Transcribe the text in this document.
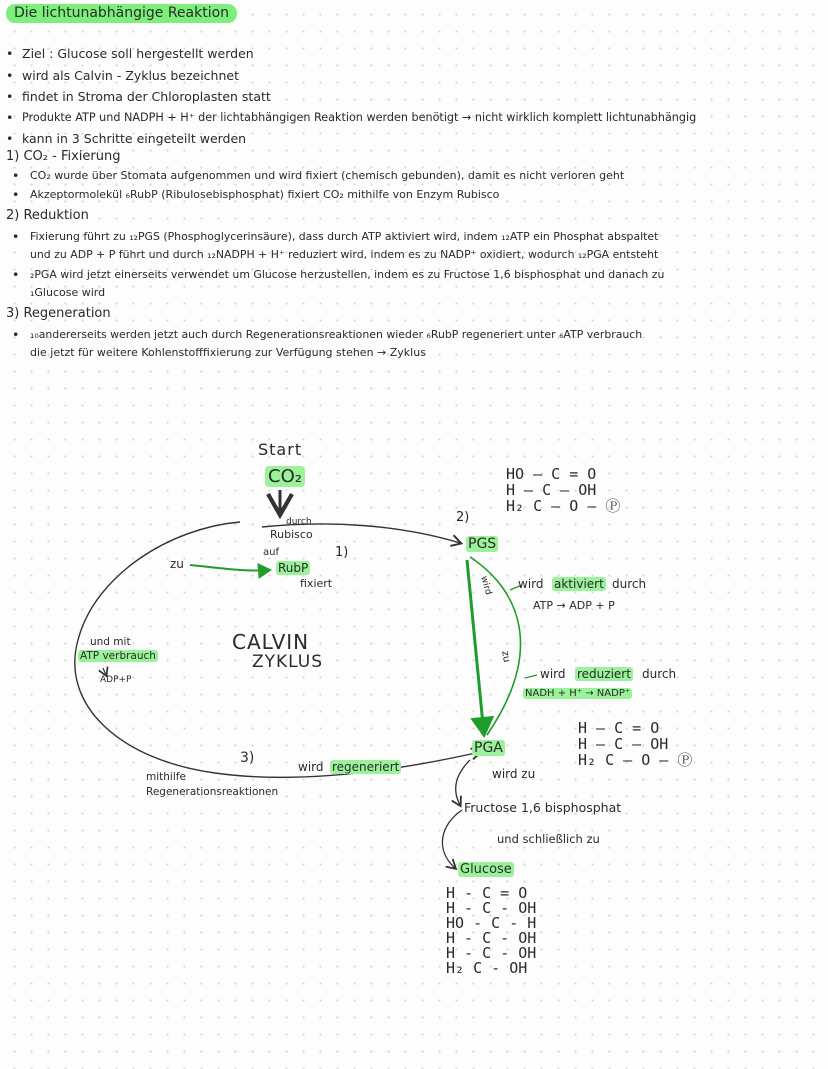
Die lichtunabhängige Reaktion
• Ziel : Glucose soll hergestellt werden
• wird als Calvin - Zyklus bezeichnet
• findet in Stroma der Chloroplasten statt
• Produkte ATP und NADPH + H⁺ der lichtabhängigen Reaktion werden benötigt → nicht wirklich komplett lichtunabhängig
• kann in 3 Schritte eingeteilt werden
1) CO₂ - Fixierung
• CO₂ wurde über Stomata aufgenommen und wird fixiert (chemisch gebunden), damit es nicht verloren geht
• Akzeptormolekül ₆RubP (Ribulosebisphosphat) fixiert CO₂ mithilfe von Enzym Rubisco
2) Reduktion
• Fixierung führt zu ₁₂PGS (Phosphoglycerinsäure), dass durch ATP aktiviert wird, indem ₁₂ATP ein Phosphat abspaltet
und zu ADP + P führt und durch ₁₂NADPH + H⁺ reduziert wird, indem es zu NADP⁺ oxidiert, wodurch ₁₂PGA entsteht
• ₂PGA wird jetzt einerseits verwendet um Glucose herzustellen, indem es zu Fructose 1,6 bisphosphat und danach zu
₁Glucose wird
3) Regeneration
• ₁₀andererseits werden jetzt auch durch Regenerationsreaktionen wieder ₆RubP regeneriert unter ₆ATP verbrauch
die jetzt für weitere Kohlenstofffixierung zur Verfügung stehen → Zyklus
Start
CO₂
durch
Rubisco
auf
zu	RubP
fixiert
1)
2)
PGS
CALVIN
ZYKLUS
und mit
ATP verbrauch
ADP+P
3)
wird regeneriert
mithilfe
Regenerationsreaktionen
wird
zu
wird aktiviert durch
ATP → ADP + P
wird reduziert durch
NADH + H⁺ → NADP⁺
PGA
wird zu
Fructose 1,6 bisphosphat
und schließlich zu
Glucose
HO — C = O
H — C — OH
H₂ C — O — Ⓟ
H — C = O
H — C — OH
H₂ C — O — Ⓟ
H - C = O
H - C - OH
HO - C - H
H - C - OH
H - C - OH
H₂ C - OH
